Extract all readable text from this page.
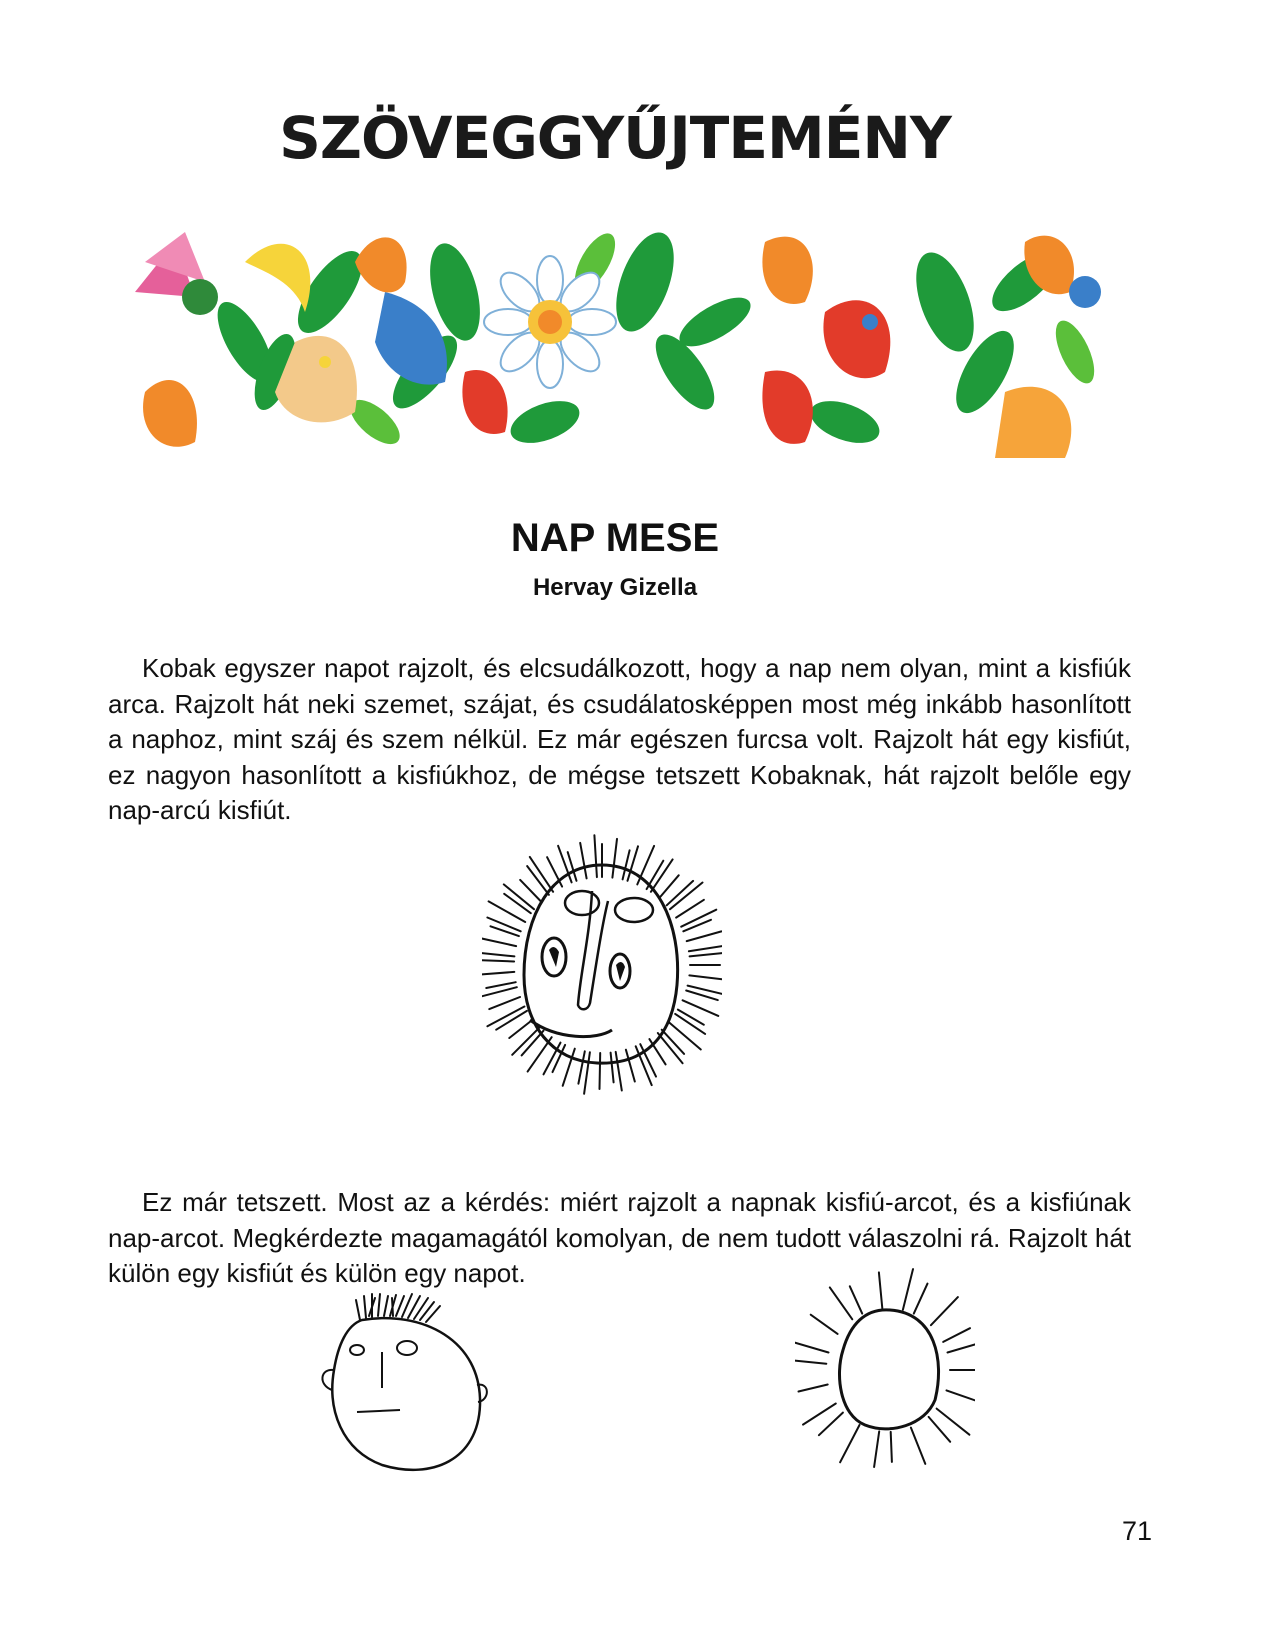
SZÖVEGGYŰJTEMÉNY
NAP MESE

Hervay Gizella

Kobak egyszer napot rajzolt, és elcsudálkozott, hogy a nap nem olyan, mint a kisfiúk arca. Rajzolt hát neki szemet, szájat, és csudálatosképpen most még inkább hasonlított a naphoz, mint száj és szem nélkül. Ez már egészen furcsa volt. Rajzolt hát egy kisfiút, ez nagyon hasonlított a kisfiúkhoz, de mégse tetszett Kobaknak, hát rajzolt belőle egy nap-arcú kisfiút.

Ez már tetszett. Most az a kérdés: miért rajzolt a napnak kisfiú-arcot, és a kisfiúnak nap-arcot. Megkérdezte magamagától komolyan, de nem tudott válaszolni rá. Rajzolt hát külön egy kisfiút és külön egy napot.

71
